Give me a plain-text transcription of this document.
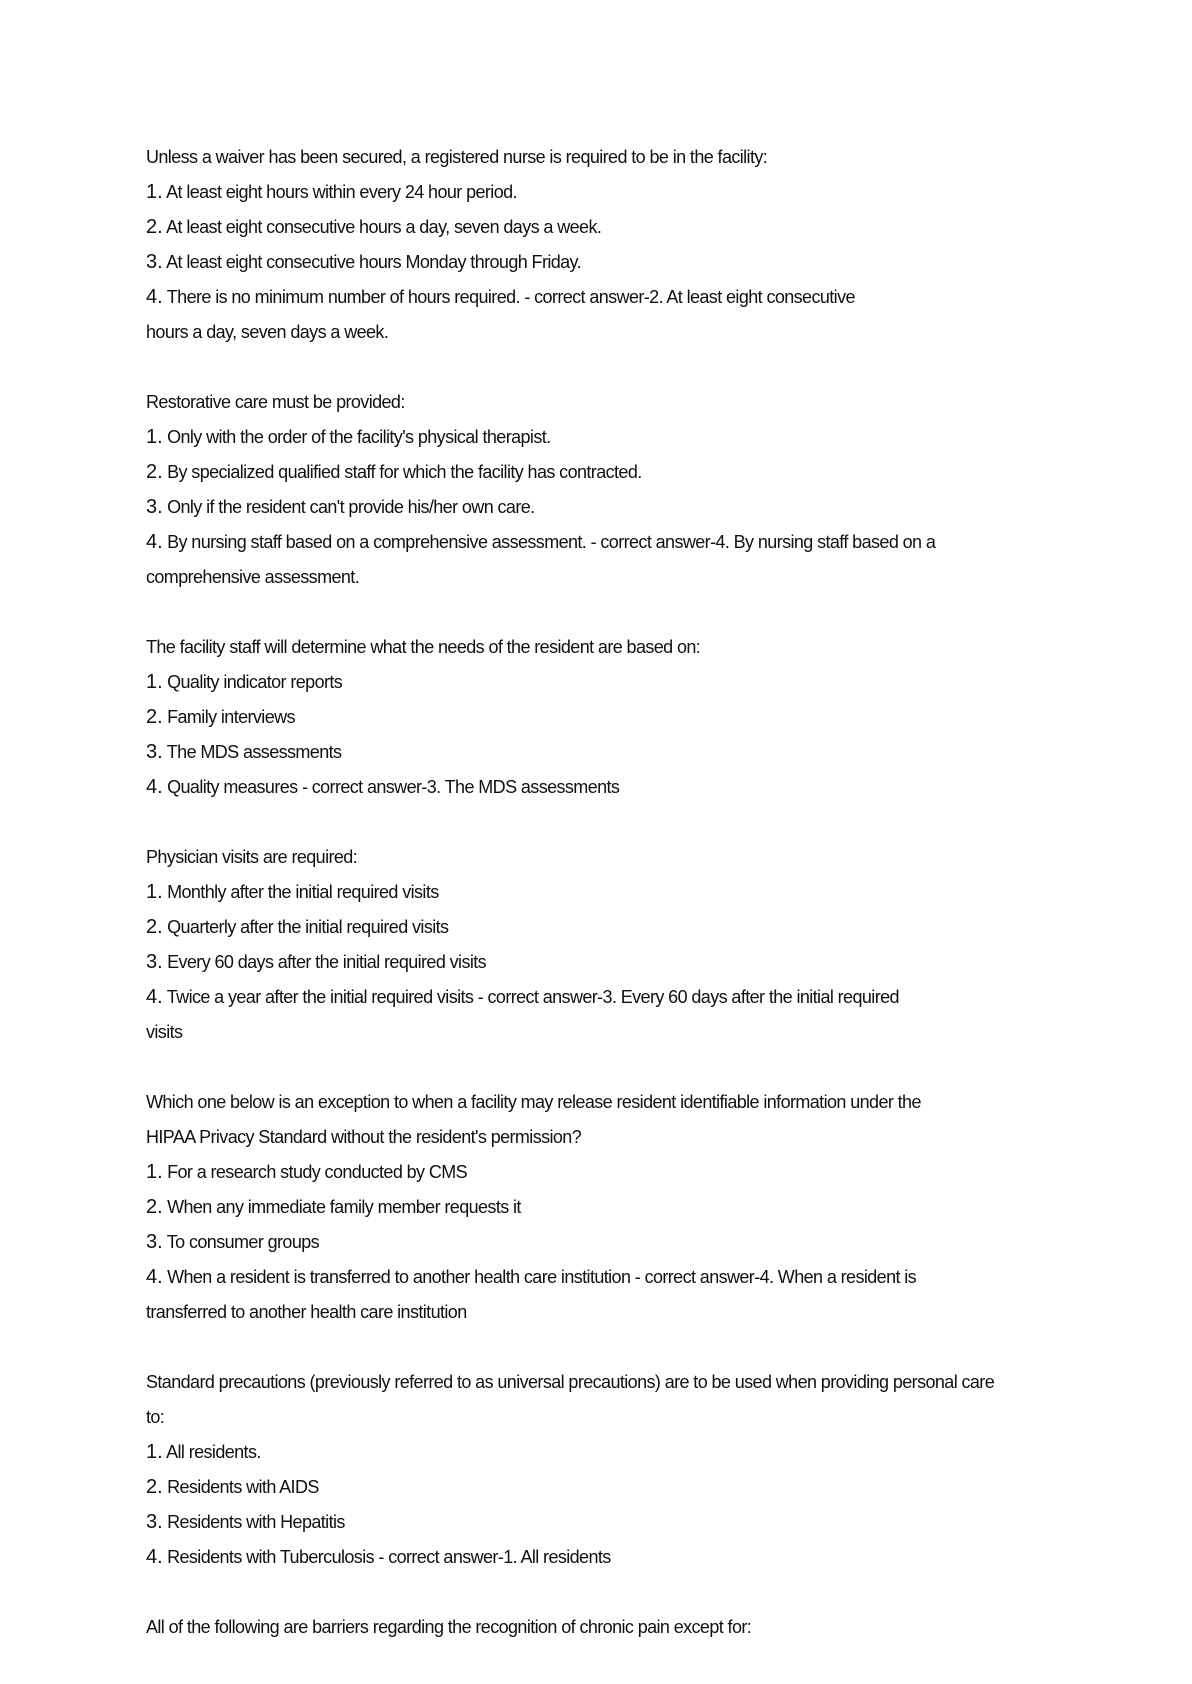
Unless a waiver has been secured, a registered nurse is required to be in the facility:

1. At least eight hours within every 24 hour period.

2. At least eight consecutive hours a day, seven days a week.

3. At least eight consecutive hours Monday through Friday.

4. There is no minimum number of hours required. - correct answer-2. At least eight consecutive

hours a day, seven days a week.

Restorative care must be provided:

1. Only with the order of the facility's physical therapist.

2. By specialized qualified staff for which the facility has contracted.

3. Only if the resident can't provide his/her own care.

4. By nursing staff based on a comprehensive assessment. - correct answer-4. By nursing staff based on a

comprehensive assessment.

The facility staff will determine what the needs of the resident are based on:

1. Quality indicator reports

2. Family interviews

3. The MDS assessments

4. Quality measures - correct answer-3. The MDS assessments

Physician visits are required:

1. Monthly after the initial required visits

2. Quarterly after the initial required visits

3. Every 60 days after the initial required visits

4. Twice a year after the initial required visits - correct answer-3. Every 60 days after the initial required

visits

Which one below is an exception to when a facility may release resident identifiable information under the

HIPAA Privacy Standard without the resident's permission?

1. For a research study conducted by CMS

2. When any immediate family member requests it

3. To consumer groups

4. When a resident is transferred to another health care institution - correct answer-4. When a resident is

transferred to another health care institution

Standard precautions (previously referred to as universal precautions) are to be used when providing personal care

to:

1. All residents.

2. Residents with AIDS

3. Residents with Hepatitis

4. Residents with Tuberculosis - correct answer-1. All residents

All of the following are barriers regarding the recognition of chronic pain except for:
